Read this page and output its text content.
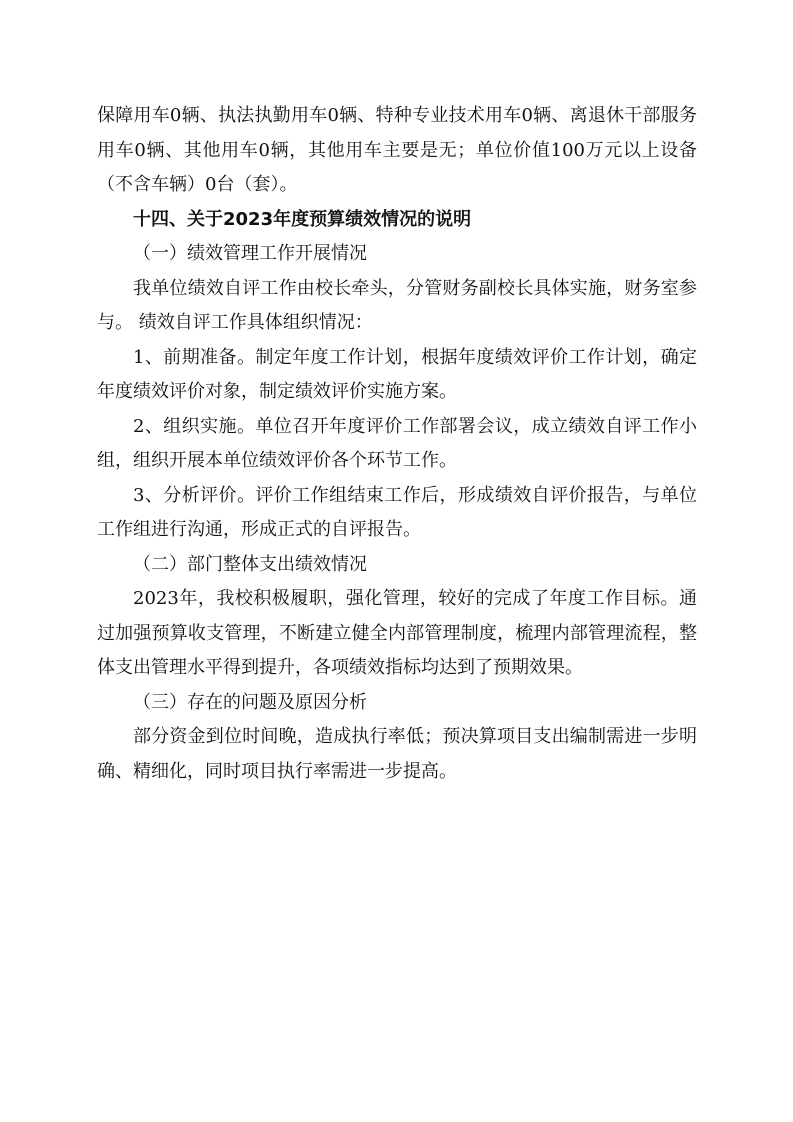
保障用车0辆、执法执勤用车0辆、特种专业技术用车0辆、离退休干部服务用车0辆、其他用车0辆，其他用车主要是无；单位价值100万元以上设备（不含车辆）0台（套）。

十四、关于2023年度预算绩效情况的说明

（一）绩效管理工作开展情况

我单位绩效自评工作由校长牵头，分管财务副校长具体实施，财务室参与。 绩效自评工作具体组织情况：

1、前期准备。制定年度工作计划，根据年度绩效评价工作计划，确定年度绩效评价对象，制定绩效评价实施方案。

2、组织实施。单位召开年度评价工作部署会议，成立绩效自评工作小组，组织开展本单位绩效评价各个环节工作。

3、分析评价。评价工作组结束工作后，形成绩效自评价报告，与单位工作组进行沟通，形成正式的自评报告。

（二）部门整体支出绩效情况

2023年，我校积极履职，强化管理，较好的完成了年度工作目标。通过加强预算收支管理，不断建立健全内部管理制度，梳理内部管理流程，整体支出管理水平得到提升，各项绩效指标均达到了预期效果。

（三）存在的问题及原因分析

部分资金到位时间晚，造成执行率低；预决算项目支出编制需进一步明确、精细化，同时项目执行率需进一步提高。
